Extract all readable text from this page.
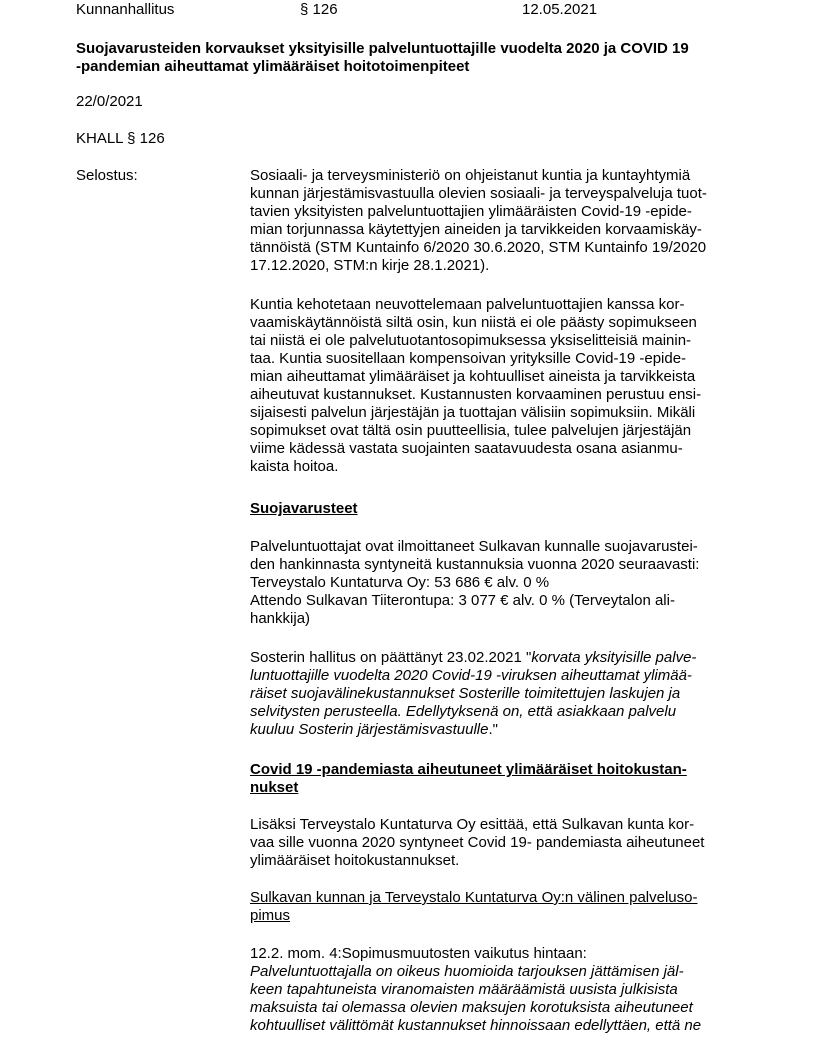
Kunnanhallitus	§ 126	12.05.2021
Suojavarusteiden korvaukset yksityisille palveluntuottajille vuodelta 2020 ja COVID 19
-pandemian aiheuttamat ylimääräiset hoitotoimenpiteet
22/0/2021
KHALL § 126
Selostus:	Sosiaali- ja terveysministeriö on ohjeistanut kuntia ja kuntayhtymiä
kunnan järjestämisvastuulla olevien sosiaali- ja terveyspalveluja tuot-
tavien yksityisten palveluntuottajien ylimääräisten Covid-19 -epide-
mian torjunnassa käytettyjen aineiden ja tarvikkeiden korvaamiskäy-
tännöistä (STM Kuntainfo 6/2020 30.6.2020, STM Kuntainfo 19/2020
17.12.2020, STM:n kirje 28.1.2021).
Kuntia kehotetaan neuvottelemaan palveluntuottajien kanssa kor-
vaamiskäytännöistä siltä osin, kun niistä ei ole päästy sopimukseen
tai niistä ei ole palvelutuotantosopimuksessa yksiselitteisiä mainin-
taa. Kuntia suositellaan kompensoivan yrityksille Covid-19 -epide-
mian aiheuttamat ylimääräiset ja kohtuulliset aineista ja tarvikkeista
aiheutuvat kustannukset. Kustannusten korvaaminen perustuu ensi-
sijaisesti palvelun järjestäjän ja tuottajan välisiin sopimuksiin. Mikäli
sopimukset ovat tältä osin puutteellisia, tulee palvelujen järjestäjän
viime kädessä vastata suojainten saatavuudesta osana asianmu-
kaista hoitoa.
Suojavarusteet
Palveluntuottajat ovat ilmoittaneet Sulkavan kunnalle suojavarustei-
den hankinnasta syntyneitä kustannuksia vuonna 2020 seuraavasti:
Terveystalo Kuntaturva Oy: 53 686 € alv. 0 %
Attendo Sulkavan Tiiterontupa: 3 077 € alv. 0 % (Terveytalon ali-
hankkija)
Sosterin hallitus on päättänyt 23.02.2021 "korvata yksityisille palve-
luntuottajille vuodelta 2020 Covid-19 -viruksen aiheuttamat ylimää-
räiset suojavälinekustannukset Sosterille toimitettujen laskujen ja
selvitysten perusteella. Edellytyksenä on, että asiakkaan palvelu
kuuluu Sosterin järjestämisvastuulle."
Covid 19 -pandemiasta aiheutuneet ylimääräiset hoitokustan-
nukset
Lisäksi Terveystalo Kuntaturva Oy esittää, että Sulkavan kunta kor-
vaa sille vuonna 2020 syntyneet Covid 19- pandemiasta aiheutuneet
ylimääräiset hoitokustannukset.
Sulkavan kunnan ja Terveystalo Kuntaturva Oy:n välinen palveluso-
pimus
12.2. mom. 4:Sopimusmuutosten vaikutus hintaan:
Palveluntuottajalla on oikeus huomioida tarjouksen jättämisen jäl-
keen tapahtuneista viranomaisten määräämistä uusista julkisista
maksuista tai olemassa olevien maksujen korotuksista aiheutuneet
kohtuulliset välittömät kustannukset hinnoissaan edellyttäen, että ne
